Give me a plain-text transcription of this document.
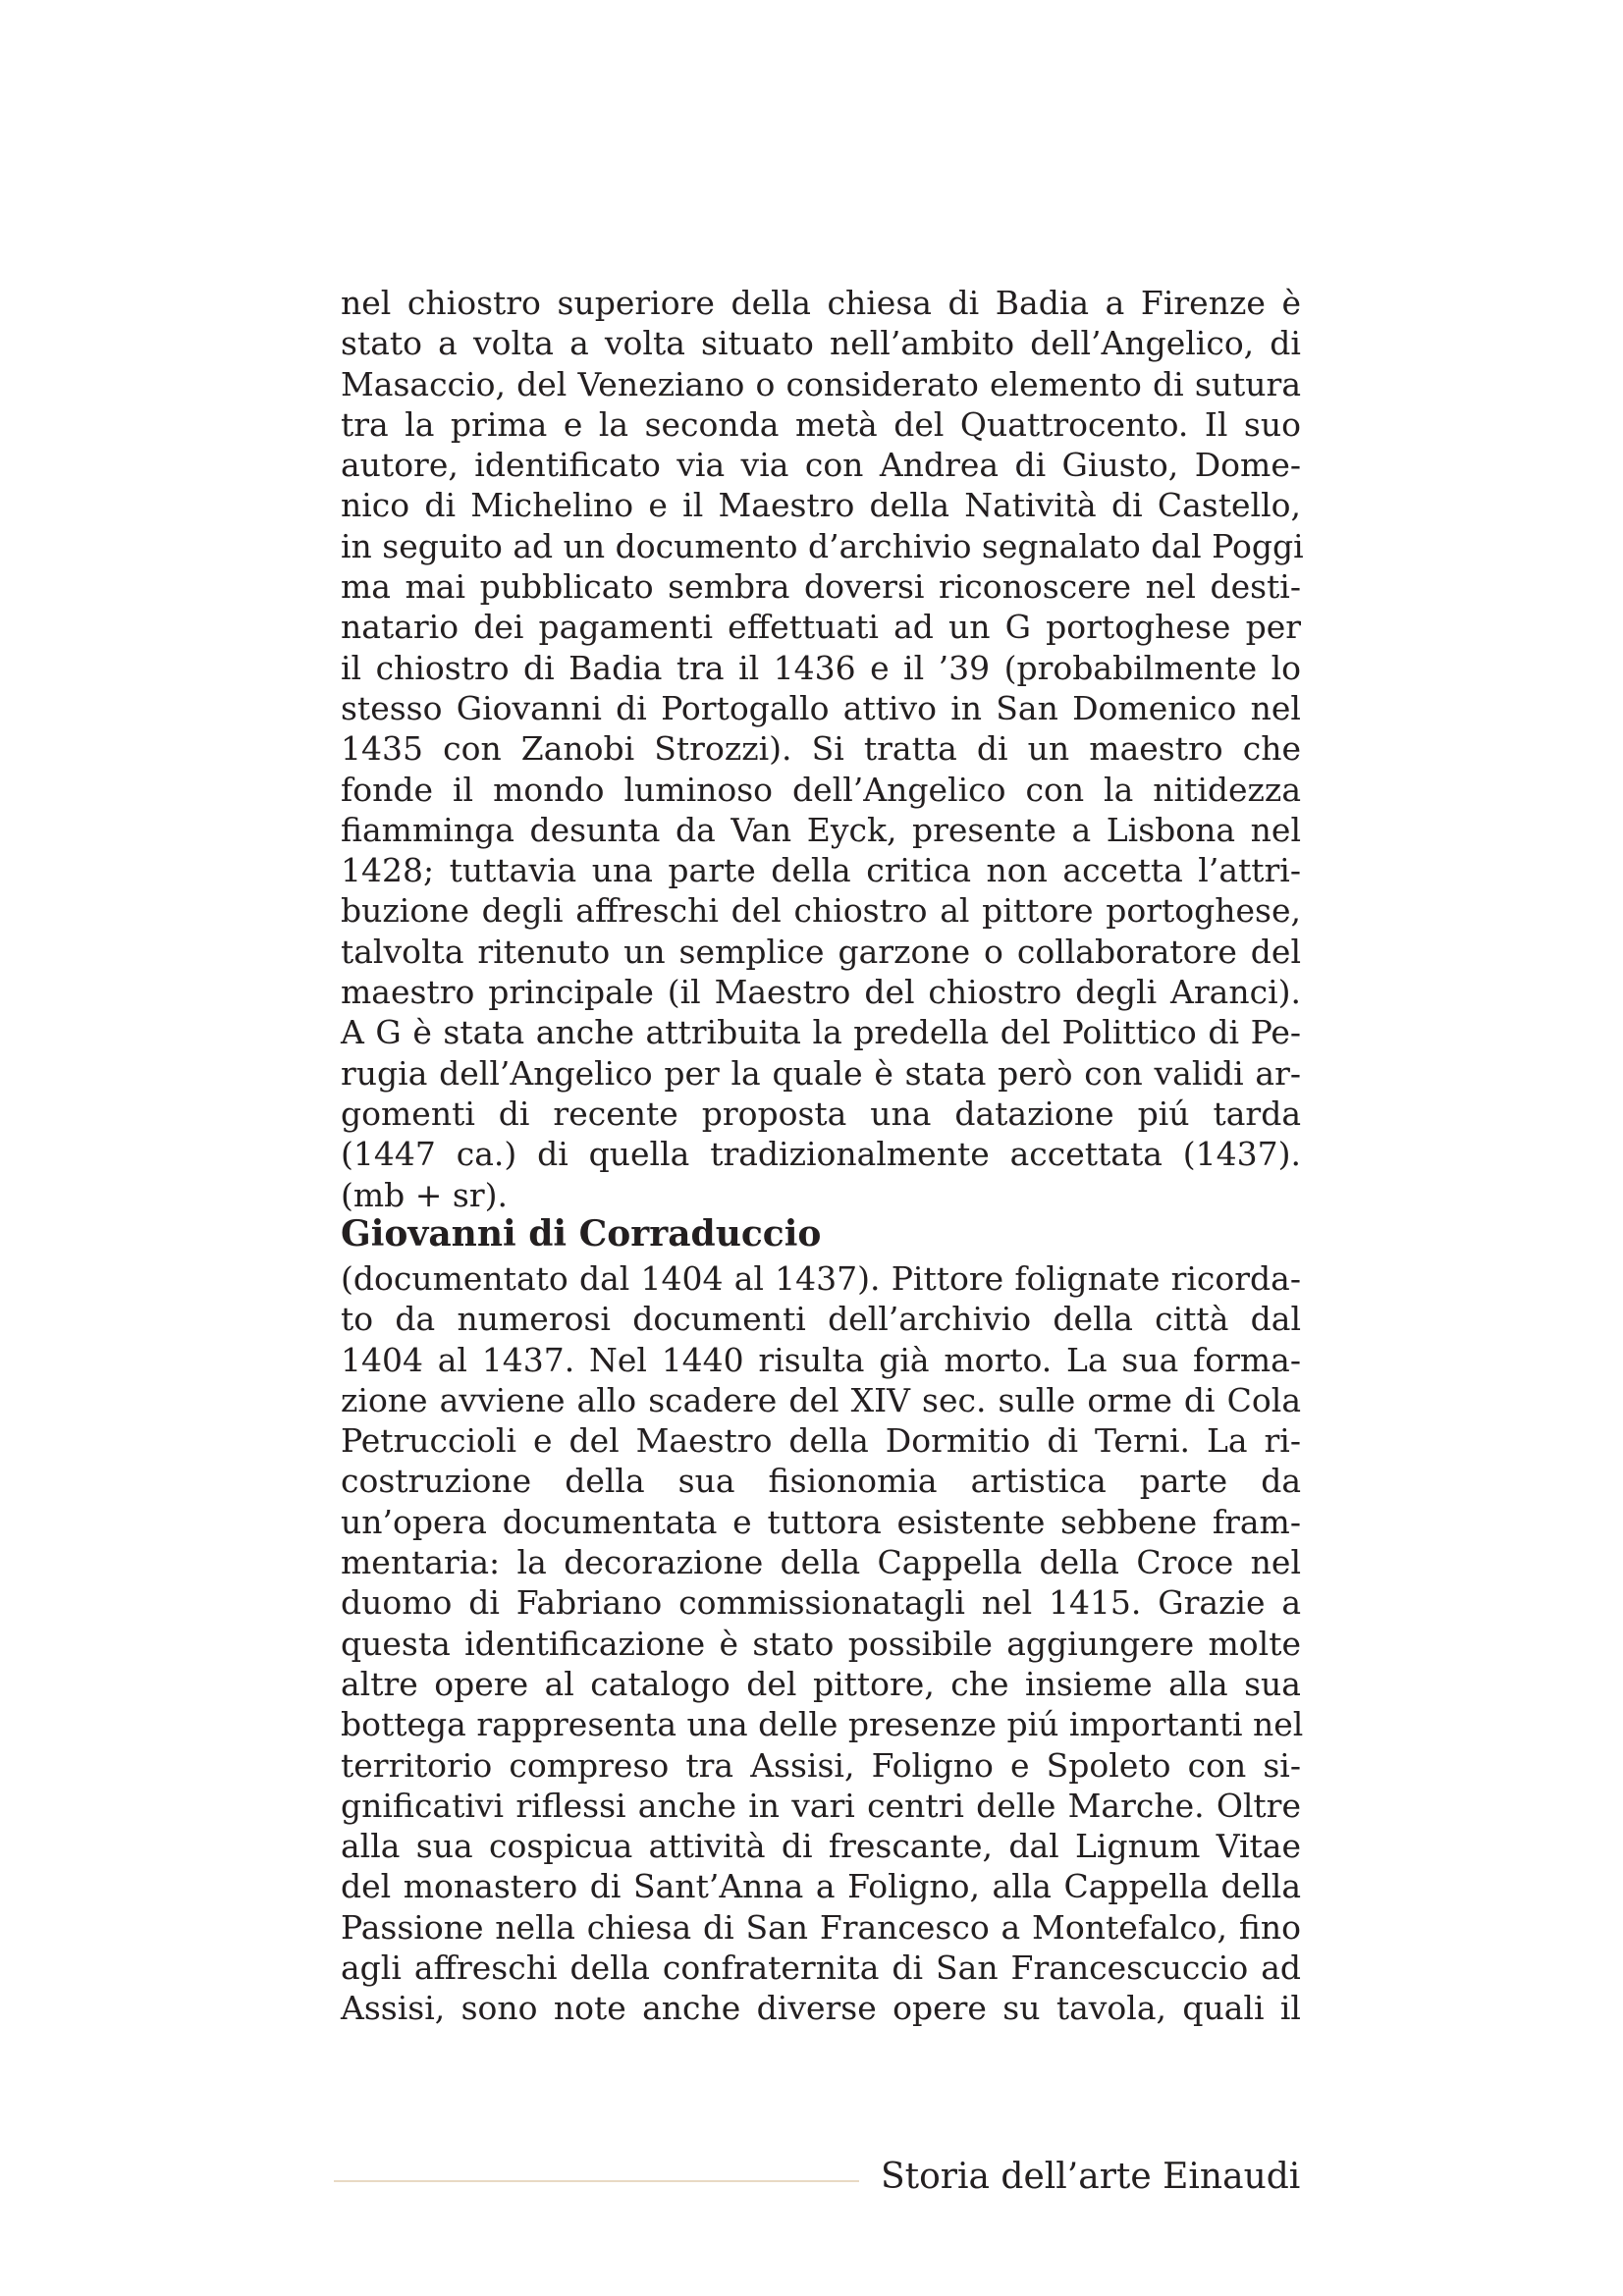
nel chiostro superiore della chiesa di Badia a Firenze è
stato a volta a volta situato nell’ambito dell’Angelico, di
Masaccio, del Veneziano o considerato elemento di sutura
tra la prima e la seconda metà del Quattrocento. Il suo
autore, identificato via via con Andrea di Giusto, Dome-
nico di Michelino e il Maestro della Natività di Castello,
in seguito ad un documento d’archivio segnalato dal Poggi
ma mai pubblicato sembra doversi riconoscere nel desti-
natario dei pagamenti effettuati ad un G portoghese per
il chiostro di Badia tra il 1436 e il ’39 (probabilmente lo
stesso Giovanni di Portogallo attivo in San Domenico nel
1435 con Zanobi Strozzi). Si tratta di un maestro che
fonde il mondo luminoso dell’Angelico con la nitidezza
fiamminga desunta da Van Eyck, presente a Lisbona nel
1428; tuttavia una parte della critica non accetta l’attri-
buzione degli affreschi del chiostro al pittore portoghese,
talvolta ritenuto un semplice garzone o collaboratore del
maestro principale (il Maestro del chiostro degli Aranci).
A G è stata anche attribuita la predella del Polittico di Pe-
rugia dell’Angelico per la quale è stata però con validi ar-
gomenti di recente proposta una datazione piú tarda
(1447 ca.) di quella tradizionalmente accettata (1437).
(mb + sr).
Giovanni di Corraduccio
(documentato dal 1404 al 1437). Pittore folignate ricorda-
to da numerosi documenti dell’archivio della città dal
1404 al 1437. Nel 1440 risulta già morto. La sua forma-
zione avviene allo scadere del XIV sec. sulle orme di Cola
Petruccioli e del Maestro della Dormitio di Terni. La ri-
costruzione della sua fisionomia artistica parte da
un’opera documentata e tuttora esistente sebbene fram-
mentaria: la decorazione della Cappella della Croce nel
duomo di Fabriano commissionatagli nel 1415. Grazie a
questa identificazione è stato possibile aggiungere molte
altre opere al catalogo del pittore, che insieme alla sua
bottega rappresenta una delle presenze piú importanti nel
territorio compreso tra Assisi, Foligno e Spoleto con si-
gnificativi riflessi anche in vari centri delle Marche. Oltre
alla sua cospicua attività di frescante, dal Lignum Vitae
del monastero di Sant’Anna a Foligno, alla Cappella della
Passione nella chiesa di San Francesco a Montefalco, fino
agli affreschi della confraternita di San Francescuccio ad
Assisi, sono note anche diverse opere su tavola, quali il
Storia dell’arte Einaudi
